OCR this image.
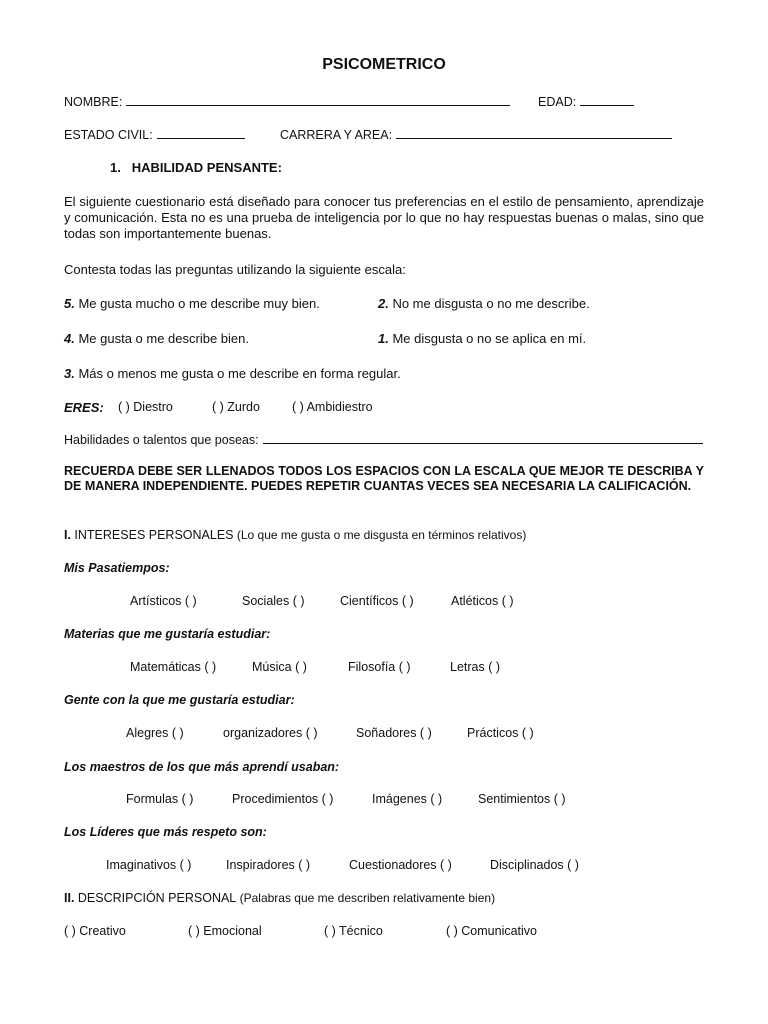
PSICOMETRICO
NOMBRE:	EDAD:
ESTADO CIVIL:	CARRERA Y AREA:
1. HABILIDAD PENSANTE:
El siguiente cuestionario está diseñado para conocer tus preferencias en el estilo de pensamiento, aprendizaje y comunicación. Esta no es una prueba de inteligencia por lo que no hay respuestas buenas o malas, sino que todas son importantemente buenas.
Contesta todas las preguntas utilizando la siguiente escala:
5. Me gusta mucho o me describe muy bien.	2. No me disgusta o no me describe.
4. Me gusta o me describe bien.	1. Me disgusta o no se aplica en mí.
3. Más o menos me gusta o me describe en forma regular.
ERES: ( ) Diestro	( ) Zurdo	( ) Ambidiestro
Habilidades o talentos que poseas:
RECUERDA DEBE SER LLENADOS TODOS LOS ESPACIOS CON LA ESCALA QUE MEJOR TE DESCRIBA Y DE MANERA INDEPENDIENTE. PUEDES REPETIR CUANTAS VECES SEA NECESARIA LA CALIFICACIÓN.
I. INTERESES PERSONALES (Lo que me gusta o me disgusta en términos relativos)
Mis Pasatiempos:
Artísticos ( )	Sociales ( )	Científicos ( )	Atléticos ( )
Materias que me gustaría estudiar:
Matemáticas ( )	Música ( )	Filosofía ( )	Letras ( )
Gente con la que me gustaría estudiar:
Alegres ( )	organizadores ( )	Soñadores ( )	Prácticos ( )
Los maestros de los que más aprendí usaban:
Formulas ( )	Procedimientos ( )	Imágenes ( )	Sentimientos ( )
Los Líderes que más respeto son:
Imaginativos ( )	Inspiradores ( )	Cuestionadores ( )	Disciplinados ( )
II. DESCRIPCIÓN PERSONAL (Palabras que me describen relativamente bien)
( ) Creativo	( ) Emocional	( ) Técnico	( ) Comunicativo
